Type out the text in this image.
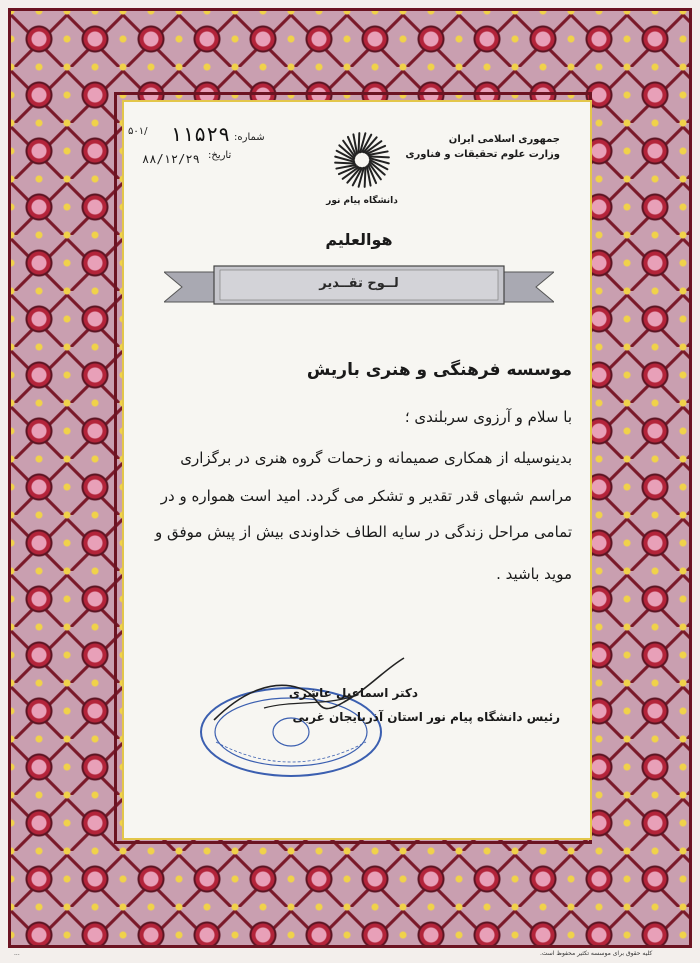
جمهوری اسلامی ایران
وزارت علوم تحقیقات و فناوری
دانشگاه پیام نور
شماره:
۱۱۵۲۹
۵۰۱/
تاریخ:
۸۸/۱۲/۲۹
هوالعلیم
لــوح تقــدیر
موسسه فرهنگی و هنری باریش
با سلام و آرزوی سربلندی ؛
بدینوسیله از همکاری صمیمانه و زحمات گروه هنری در برگزاری
مراسم شبهای قدر تقدیر و تشکر می گردد. امید است همواره و در
تمامی مراحل زندگی در سایه الطاف خداوندی بیش از پیش موفق و
موید باشید .
دکتر اسماعیل عاشری
رئیس دانشگاه پیام نور استان آذربایجان غربی
کلیه حقوق برای موسسه تکثیر محفوظ است.
...
